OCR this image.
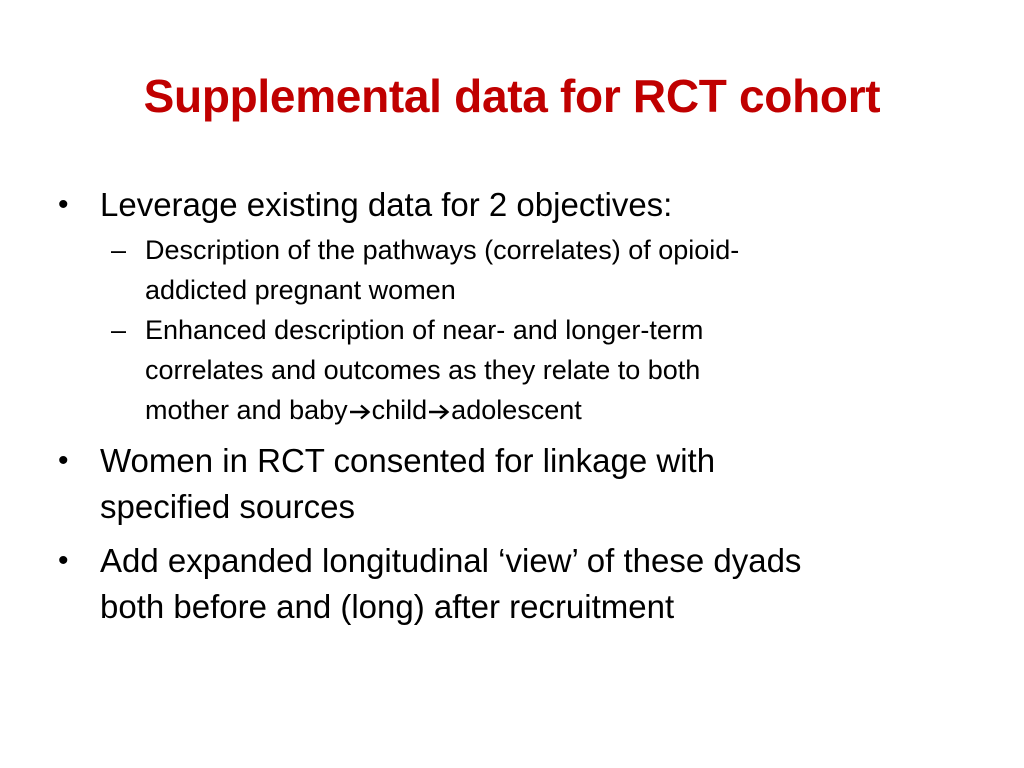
Supplemental data for RCT cohort
• Leverage existing data for 2 objectives:
– Description of the pathways (correlates) of opioid-
addicted pregnant women
– Enhanced description of near- and longer-term
correlates and outcomes as they relate to both
mother and baby child adolescent
• Women in RCT consented for linkage with
specified sources
• Add expanded longitudinal ‘view’ of these dyads
both before and (long) after recruitment
